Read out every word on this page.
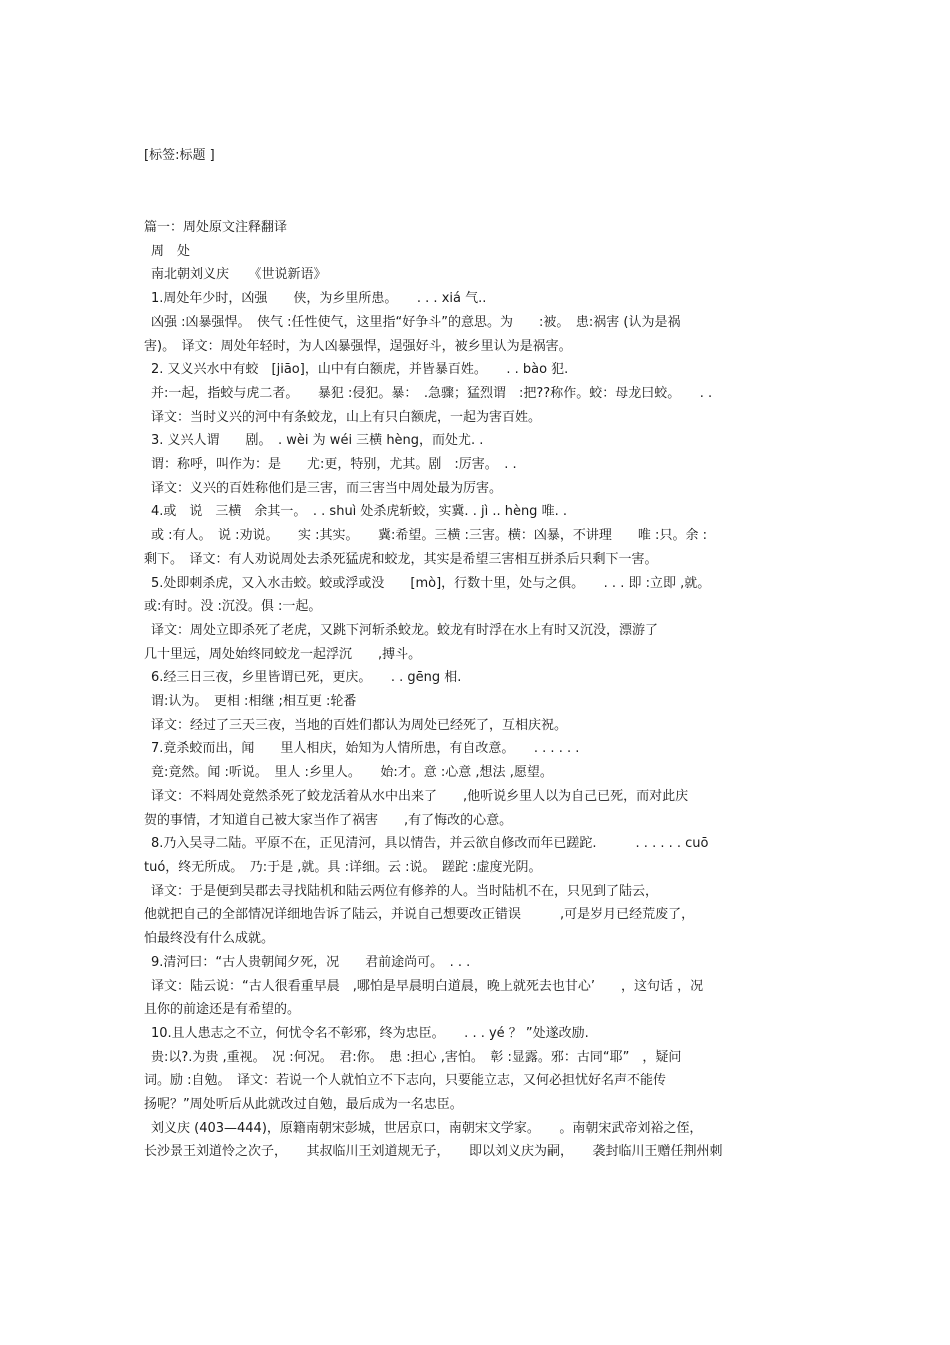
[标签:标题 ]
篇一：周处原文注释翻译
周　处
南北朝刘义庆　　《世说新语》
1.周处年少时，凶强　　侠，为乡里所患。　　. . . xiá 气..
凶强 :凶暴强悍。　侠气 :任性使气，这里指“好争斗”的意思。为　　:被。　患:祸害 (认为是祸
害)。　译文：周处年轻时，为人凶暴强悍，逞强好斗，被乡里认为是祸害。
2. 又义兴水中有蛟　[jiāo]，山中有白额虎，并皆暴百姓。　　. . bào 犯.
并:一起，指蛟与虎二者。　　暴犯 :侵犯。暴：　.急骤；猛烈谓　:把??称作。蛟：母龙曰蛟。　　. .
译文：当时义兴的河中有条蛟龙，山上有只白额虎，一起为害百姓。
3. 义兴人谓　　剧。　. wèi 为 wéi 三横 hèng，而处尤. .
谓：称呼，叫作为：是　　尤:更，特别，尤其。剧　:厉害。　. .
译文：义兴的百姓称他们是三害，而三害当中周处最为厉害。
4.或　说　三横　余其一。　. . shuì 处杀虎斩蛟，实冀. . jì .. hèng 唯. .
或 :有人。　说 :劝说。　　实 :其实。　　冀:希望。三横 :三害。横：凶暴，不讲理　　唯 :只。余 :
剩下。　译文：有人劝说周处去杀死猛虎和蛟龙，其实是希望三害相互拼杀后只剩下一害。
5.处即刺杀虎，又入水击蛟。蛟或浮或没　　[mò]，行数十里，处与之俱。　　. . . 即 :立即 ,就。
或:有时。没 :沉没。俱 :一起。
译文：周处立即杀死了老虎，又跳下河斩杀蛟龙。蛟龙有时浮在水上有时又沉没，漂游了
几十里远，周处始终同蛟龙一起浮沉　　,搏斗。
6.经三日三夜，乡里皆谓已死，更庆。　　. . gēng 相.
谓:认为。　更相 :相继 ;相互更 :轮番
译文：经过了三天三夜，当地的百姓们都认为周处已经死了，互相庆祝。
7.竟杀蛟而出，闻　　里人相庆，始知为人情所患，有自改意。　　. . . . . .
竟:竟然。闻 :听说。　里人 :乡里人。　　始:才。意 :心意 ,想法 ,愿望。
译文：不料周处竟然杀死了蛟龙活着从水中出来了　　,他听说乡里人以为自己已死，而对此庆
贺的事情，才知道自己被大家当作了祸害　　,有了悔改的心意。
8.乃入吴寻二陆。平原不在，正见清河，具以情告，并云欲自修改而年已蹉跎.　　　. . . . . . cuō
tuó，终无所成。　乃:于是 ,就。具 :详细。云 :说。　蹉跎 :虚度光阴。
译文：于是便到吴郡去寻找陆机和陆云两位有修养的人。当时陆机不在，只见到了陆云，
他就把自己的全部情况详细地告诉了陆云，并说自己想要改正错误　　　,可是岁月已经荒废了，
怕最终没有什么成就。
9.清河曰：“古人贵朝闻夕死，况　　君前途尚可。　. . .
译文：陆云说：“古人很看重早晨　,哪怕是早晨明白道晨，晚上就死去也甘心’　　，这句话 ，况
且你的前途还是有希望的。
10.且人患志之不立，何忧令名不彰邪，终为忠臣。　　. . . yé ？ ”处遂改励.
贵:以?.为贵 ,重视。　况 :何况。　君:你。　患 :担心 ,害怕。　彰 :显露。邪：古同“耶”　，疑问
词。励 :自勉。　译文：若说一个人就怕立不下志向，只要能立志，又何必担忧好名声不能传
扬呢？”周处听后从此就改过自勉，最后成为一名忠臣。
刘义庆 (403—444)，原籍南朝宋彭城，世居京口，南朝宋文学家。　　。南朝宋武帝刘裕之侄，
长沙景王刘道怜之次子，　　其叔临川王刘道规无子，　　即以刘义庆为嗣，　　袭封临川王赠任荆州刺
